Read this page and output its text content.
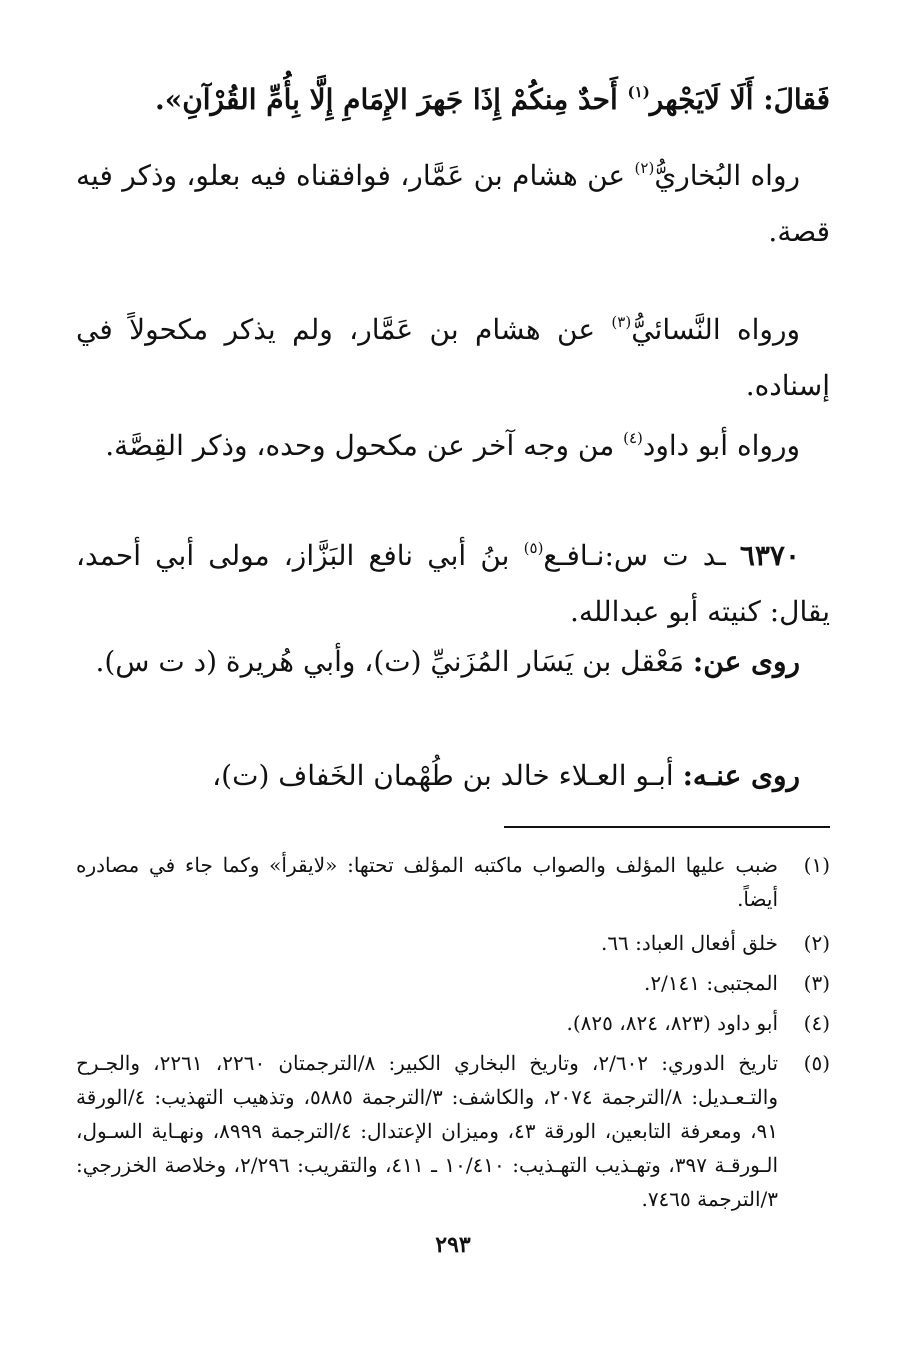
فَقالَ: أَلَا لَايَجْهر$^{(١)}$ أَحدٌ مِنكُمْ إِذَا جَهرَ الإِمَامِ إِلَّا بِأُمِّ القُرْآنِ».
رواه البُخاريُّ$^{(٢)}$ عن هشام بن عَمَّار، فوافقناه فيه بعلو، وذكر فيه قصة.
ورواه النَّسائيُّ$^{(٣)}$ عن هشام بن عَمَّار، ولم يذكر مكحولاً في إسناده.
ورواه أبو داود$^{(٤)}$ من وجه آخر عن مكحول وحده، وذكر القِصَّة.
٦٣٧٠ ـد ت س:نـافـع$^{(٥)}$ بنُ أبي نافع البَزَّاز، مولى أبي أحمد، يقال: كنيته أبو عبدالله.
روى عن: مَعْقل بن يَسَار المُزَنيِّ (ت)، وأبي هُريرة (د ت س).
روى عنـه: أبـو العـلاء خالد بن طُهْمان الخَفاف (ت)،
(١)
ضبب عليها المؤلف والصواب ماكتبه المؤلف تحتها: «لايقرأ» وكما جاء في مصادره أيضاً.
(٢)
خلق أفعال العباد: ٦٦.
(٣)
المجتبى: ٢/١٤١.
(٤)
أبو داود (٨٢٣، ٨٢٤، ٨٢٥).
(٥)
تاريخ الدوري: ٢/٦٠٢، وتاريخ البخاري الكبير: ٨/الترجمتان ٢٢٦٠، ٢٢٦١، والجـرح والتـعـديل: ٨/الترجمة ٢٠٧٤، والكاشف: ٣/الترجمة ٥٨٨٥، وتذهيب التهذيب: ٤/الورقة ٩١، ومعرفة التابعين، الورقة ٤٣، وميزان الإعتدال: ٤/الترجمة ٨٩٩٩، ونهـاية السـول، الـورقـة ٣٩٧، وتهـذيب التهـذيب: ١٠/٤١٠ ـ ٤١١، والتقريب: ٢/٢٩٦، وخلاصة الخزرجي: ٣/الترجمة ٧٤٦٥.
٢٩٣
